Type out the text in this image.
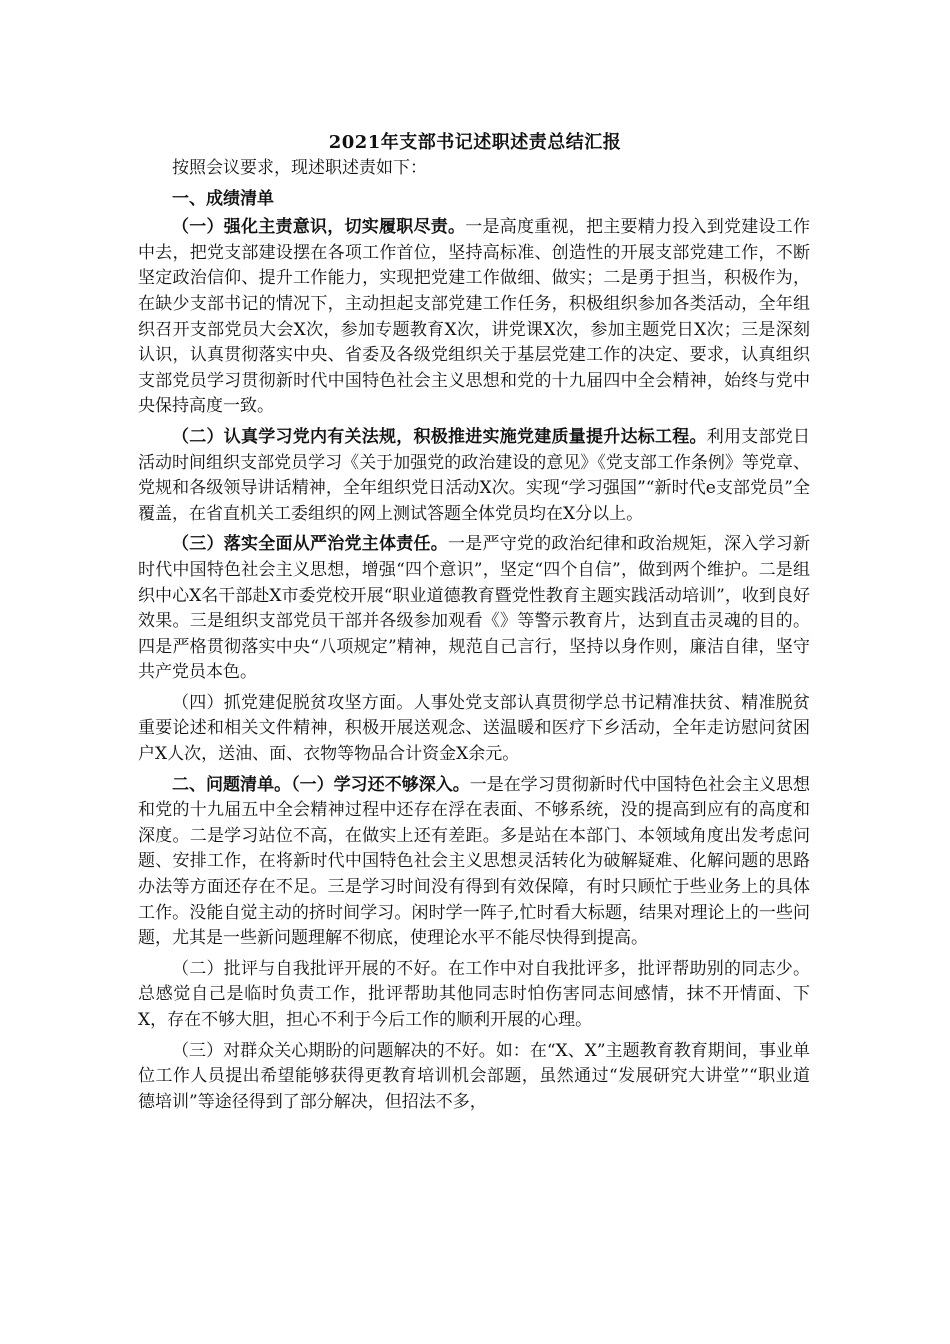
2021年支部书记述职述责总结汇报

按照会议要求，现述职述责如下：

一、成绩清单

（一）强化主责意识，切实履职尽责。一是高度重视，把主要精力投入到党建设工作中去，把党支部建设摆在各项工作首位，坚持高标准、创造性的开展支部党建工作，不断坚定政治信仰、提升工作能力，实现把党建工作做细、做实；二是勇于担当，积极作为，在缺少支部书记的情况下，主动担起支部党建工作任务，积极组织参加各类活动，全年组织召开支部党员大会X次，参加专题教育X次，讲党课X次，参加主题党日X次；三是深刻认识，认真贯彻落实中央、省委及各级党组织关于基层党建工作的决定、要求，认真组织支部党员学习贯彻新时代中国特色社会主义思想和党的十九届四中全会精神，始终与党中央保持高度一致。

（二）认真学习党内有关法规，积极推进实施党建质量提升达标工程。利用支部党日活动时间组织支部党员学习《关于加强党的政治建设的意见》《党支部工作条例》等党章、党规和各级领导讲话精神，全年组织党日活动X次。实现“学习强国”“新时代e支部党员”全覆盖，在省直机关工委组织的网上测试答题全体党员均在X分以上。

（三）落实全面从严治党主体责任。一是严守党的政治纪律和政治规矩，深入学习新时代中国特色社会主义思想，增强“四个意识”，坚定“四个自信”，做到两个维护。二是组织中心X名干部赴X市委党校开展“职业道德教育暨党性教育主题实践活动培训”，收到良好效果。三是组织支部党员干部并各级参加观看《》等警示教育片，达到直击灵魂的目的。四是严格贯彻落实中央“八项规定”精神，规范自己言行，坚持以身作则，廉洁自律，坚守共产党员本色。

（四）抓党建促脱贫攻坚方面。人事处党支部认真贯彻学总书记精准扶贫、精准脱贫重要论述和相关文件精神，积极开展送观念、送温暖和医疗下乡活动，全年走访慰问贫困户X人次，送油、面、衣物等物品合计资金X余元。

二、问题清单。（一）学习还不够深入。一是在学习贯彻新时代中国特色社会主义思想和党的十九届五中全会精神过程中还存在浮在表面、不够系统，没的提高到应有的高度和深度。二是学习站位不高，在做实上还有差距。多是站在本部门、本领域角度出发考虑问题、安排工作，在将新时代中国特色社会主义思想灵活转化为破解疑难、化解问题的思路办法等方面还存在不足。三是学习时间没有得到有效保障，有时只顾忙于些业务上的具体工作。没能自觉主动的挤时间学习。闲时学一阵子,忙时看大标题，结果对理论上的一些问题，尤其是一些新问题理解不彻底，使理论水平不能尽快得到提高。

（二）批评与自我批评开展的不好。在工作中对自我批评多，批评帮助别的同志少。总感觉自己是临时负责工作，批评帮助其他同志时怕伤害同志间感情，抹不开情面、下X，存在不够大胆，担心不利于今后工作的顺利开展的心理。

（三）对群众关心期盼的问题解决的不好。如：在“X、X”主题教育教育期间，事业单位工作人员提出希望能够获得更教育培训机会部题，虽然通过“发展研究大讲堂”“职业道德培训”等途径得到了部分解决，但招法不多，
